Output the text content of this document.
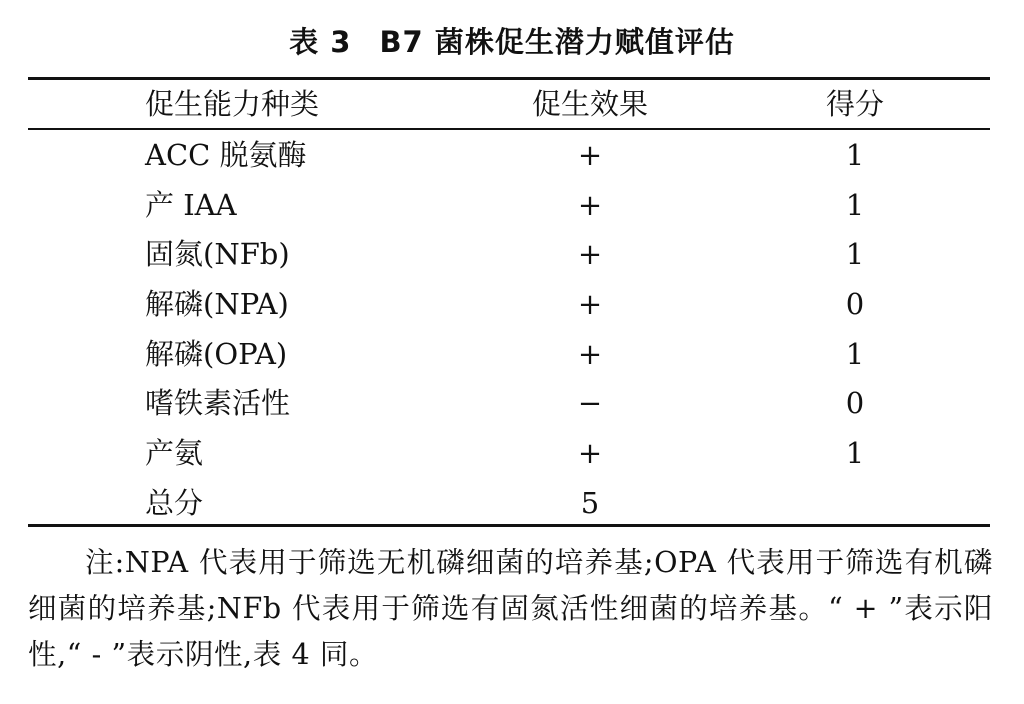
表 3 B7 菌株促生潜力赋值评估
促生能力种类	促生效果	得分
ACC 脱氨酶	+	1
产 IAA	+	1
固氮(NFb)	+	1
解磷(NPA)	+	0
解磷(OPA)	+	1
嗜铁素活性	−	0
产氨	+	1
总分	5
注:NPA 代表用于筛选无机磷细菌的培养基;OPA 代表用于筛选有机磷细菌的培养基;NFb 代表用于筛选有固氮活性细菌的培养基。“ + ”表示阳性,“ - ”表示阴性,表 4 同。
